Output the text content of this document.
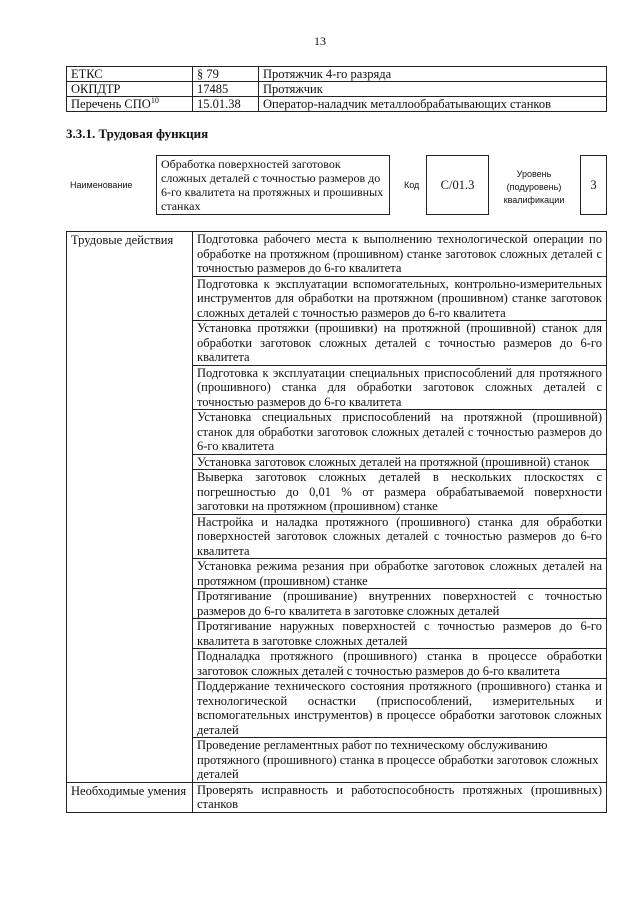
13
ЕТКС	§ 79	Протяжчик 4-го разряда
ОКПДТР	17485	Протяжчик
Перечень СПО$^{10}$	15.01.38	Оператор-наладчик металлообрабатывающих станков
3.3.1. Трудовая функция
Наименование
Обработка поверхностей заготовок сложных деталей с точностью размеров до 6-го квалитета на протяжных и прошивных станках
Код	C/01.3
Уровень (подуровень) квалификации
3
Трудовые действия	Подготовка рабочего места к выполнению технологической операции по обработке на протяжном (прошивном) станке заготовок сложных деталей с точностью размеров до 6-го квалитета
	Подготовка к эксплуатации вспомогательных, контрольно-измерительных инструментов для обработки на протяжном (прошивном) станке заготовок сложных деталей с точностью размеров до 6-го квалитета
	Установка протяжки (прошивки) на протяжной (прошивной) станок для обработки заготовок сложных деталей с точностью размеров до 6-го квалитета
	Подготовка к эксплуатации специальных приспособлений для протяжного (прошивного) станка для обработки заготовок сложных деталей с точностью размеров до 6-го квалитета
	Установка специальных приспособлений на протяжной (прошивной) станок для обработки заготовок сложных деталей с точностью размеров до 6-го квалитета
	Установка заготовок сложных деталей на протяжной (прошивной) станок
	Выверка заготовок сложных деталей в нескольких плоскостях с погрешностью до 0,01 % от размера обрабатываемой поверхности заготовки на протяжном (прошивном) станке
	Настройка и наладка протяжного (прошивного) станка для обработки поверхностей заготовок сложных деталей с точностью размеров до 6-го квалитета
	Установка режима резания при обработке заготовок сложных деталей на протяжном (прошивном) станке
	Протягивание (прошивание) внутренних поверхностей с точностью размеров до 6-го квалитета в заготовке сложных деталей
	Протягивание наружных поверхностей с точностью размеров до 6-го квалитета в заготовке сложных деталей
	Подналадка протяжного (прошивного) станка в процессе обработки заготовок сложных деталей с точностью размеров до 6-го квалитета
	Поддержание технического состояния протяжного (прошивного) станка и технологической оснастки (приспособлений, измерительных и вспомогательных инструментов) в процессе обработки заготовок сложных деталей
	Проведение регламентных работ по техническому обслуживанию протяжного (прошивного) станка в процессе обработки заготовок сложных деталей
Необходимые умения	Проверять исправность и работоспособность протяжных (прошивных) станков
